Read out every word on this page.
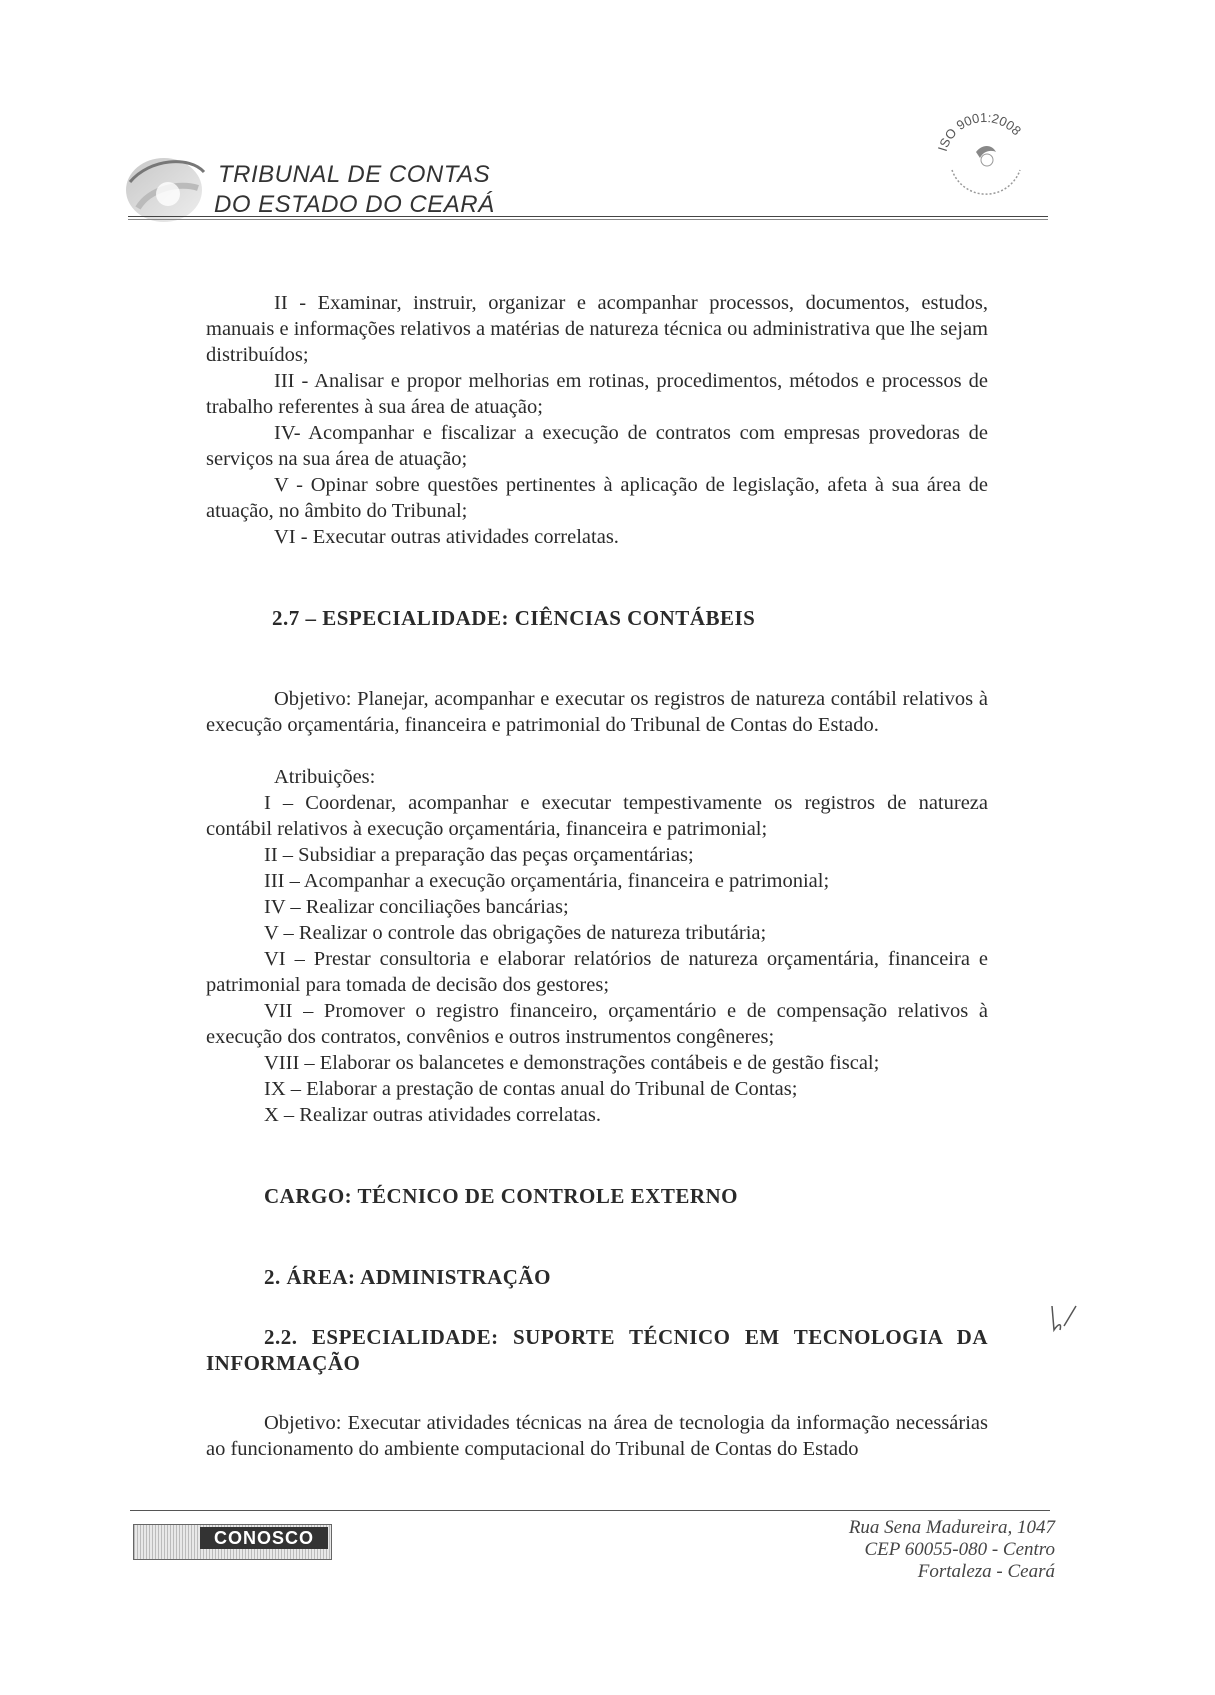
TRIBUNAL DE CONTAS
DO ESTADO DO CEARÁ
ISO 9001:2008

II - Examinar, instruir, organizar e acompanhar processos, documentos, estudos, manuais e informações relativos a matérias de natureza técnica ou administrativa que lhe sejam distribuídos;

III - Analisar e propor melhorias em rotinas, procedimentos, métodos e processos de trabalho referentes à sua área de atuação;

IV- Acompanhar e fiscalizar a execução de contratos com empresas provedoras de serviços na sua área de atuação;

V - Opinar sobre questões pertinentes à aplicação de legislação, afeta à sua área de atuação, no âmbito do Tribunal;

VI - Executar outras atividades correlatas.

2.7 – ESPECIALIDADE: CIÊNCIAS CONTÁBEIS

Objetivo: Planejar, acompanhar e executar os registros de natureza contábil relativos à execução orçamentária, financeira e patrimonial do Tribunal de Contas do Estado.

Atribuições:

I – Coordenar, acompanhar e executar tempestivamente os registros de natureza contábil relativos à execução orçamentária, financeira e patrimonial;

II – Subsidiar a preparação das peças orçamentárias;

III – Acompanhar a execução orçamentária, financeira e patrimonial;

IV – Realizar conciliações bancárias;

V – Realizar o controle das obrigações de natureza tributária;

VI – Prestar consultoria e elaborar relatórios de natureza orçamentária, financeira e patrimonial para tomada de decisão dos gestores;

VII – Promover o registro financeiro, orçamentário e de compensação relativos à execução dos contratos, convênios e outros instrumentos congêneres;

VIII – Elaborar os balancetes e demonstrações contábeis e de gestão fiscal;

IX – Elaborar a prestação de contas anual do Tribunal de Contas;

X – Realizar outras atividades correlatas.

CARGO: TÉCNICO DE CONTROLE EXTERNO

2. ÁREA: ADMINISTRAÇÃO

2.2. ESPECIALIDADE: SUPORTE TÉCNICO EM TECNOLOGIA DA INFORMAÇÃO

Objetivo: Executar atividades técnicas na área de tecnologia da informação necessárias ao funcionamento do ambiente computacional do Tribunal de Contas do Estado

CONOSCO	Rua Sena Madureira, 1047
CEP 60055-080 - Centro
Fortaleza - Ceará
